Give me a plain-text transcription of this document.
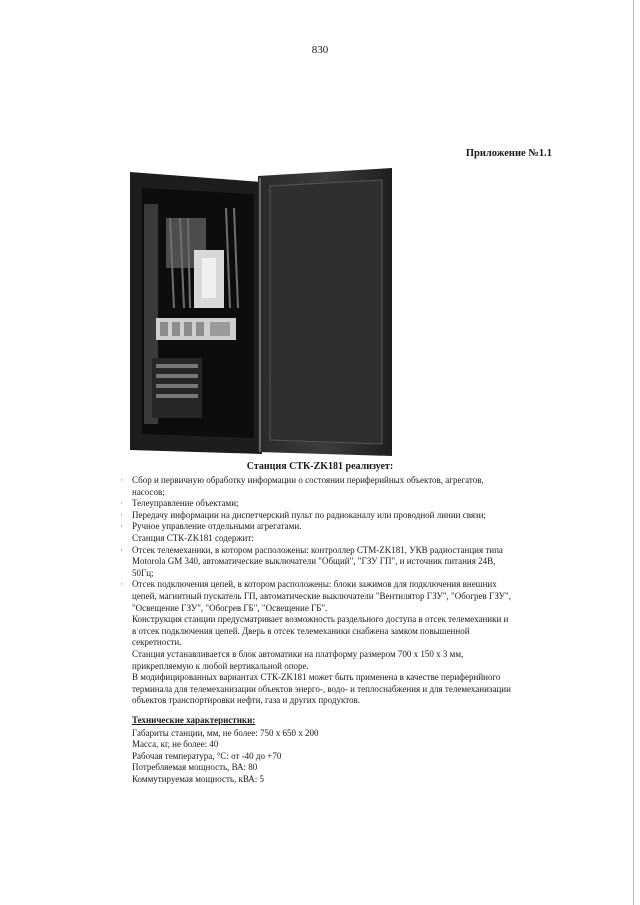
830
Приложение №1.1
Станция СТК-ZK181 реализует:
· Сбор и первичную обработку информации о состоянии периферийных объектов, агрегатов,
насосов;
· Телеуправление объектами;
· Передачу информации на диспетчерский пульт по радиоканалу или проводной линии связи;
· Ручное управление отдельными агрегатами.
Станция СТК-ZK181 содержит:
· Отсек телемеханики, в котором расположены: контроллер СТМ-ZK181, УКВ радиостанция типа
Motorola GM 340, автоматические выключатели "Общий", "ГЗУ ГП", и источник питания 24В,
50Гц;
· Отсек подключения цепей, в котором расположены: блоки зажимов для подключения внешних
цепей, магнитный пускатель ГП, автоматические выключатели "Вентилятор ГЗУ", "Обогрев ГЗУ",
"Освещение ГЗУ", "Обогрев ГБ", "Освещение ГБ".
Конструкция станции предусматривает возможность раздельного доступа в отсек телемеханики и
в отсек подключения цепей. Дверь в отсек телемеханики снабжена замком повышенной
секретности.
Станция устанавливается в блок автоматики на платформу размером 700 х 150 х 3 мм,
прикрепляемую к любой вертикальной опоре.
В модифицированных вариантах СТК-ZK181 может быть применена в качестве периферийного
терминала для телемеханизации объектов энерго-, водо- и теплоснабжения и для телемеханизации
объектов транспортировки нефти, газа и других продуктов.
Технические характеристики:
Габариты станции, мм, не более: 750 х 650 х 200
Масса, кг, не более: 40
Рабочая температура, °С: от -40 до +70
Потребляемая мощность, ВА: 80
Коммутируемая мощность, кВА: 5
